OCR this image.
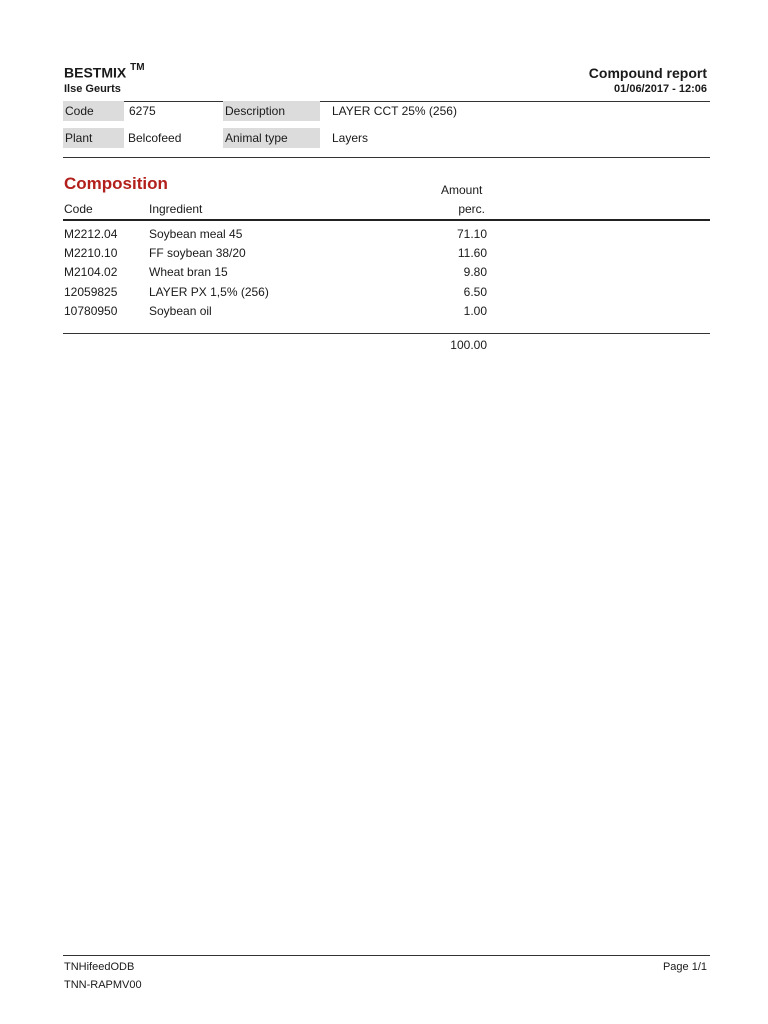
BESTMIX ™
Ilse Geurts
Compound report
01/06/2017 - 12:06
Code	6275	Description	LAYER CCT 25% (256)
Plant	Belcofeed	Animal type	Layers
Composition	Amount
Code	Ingredient	perc.
M2212.04	Soybean meal 45	71.10
M2210.10	FF soybean 38/20	11.60
M2104.02	Wheat bran 15	9.80
12059825	LAYER PX 1,5% (256)	6.50
10780950	Soybean oil	1.00
100.00
TNHifeedODB
TNN-RAPMV00
Page 1/1
